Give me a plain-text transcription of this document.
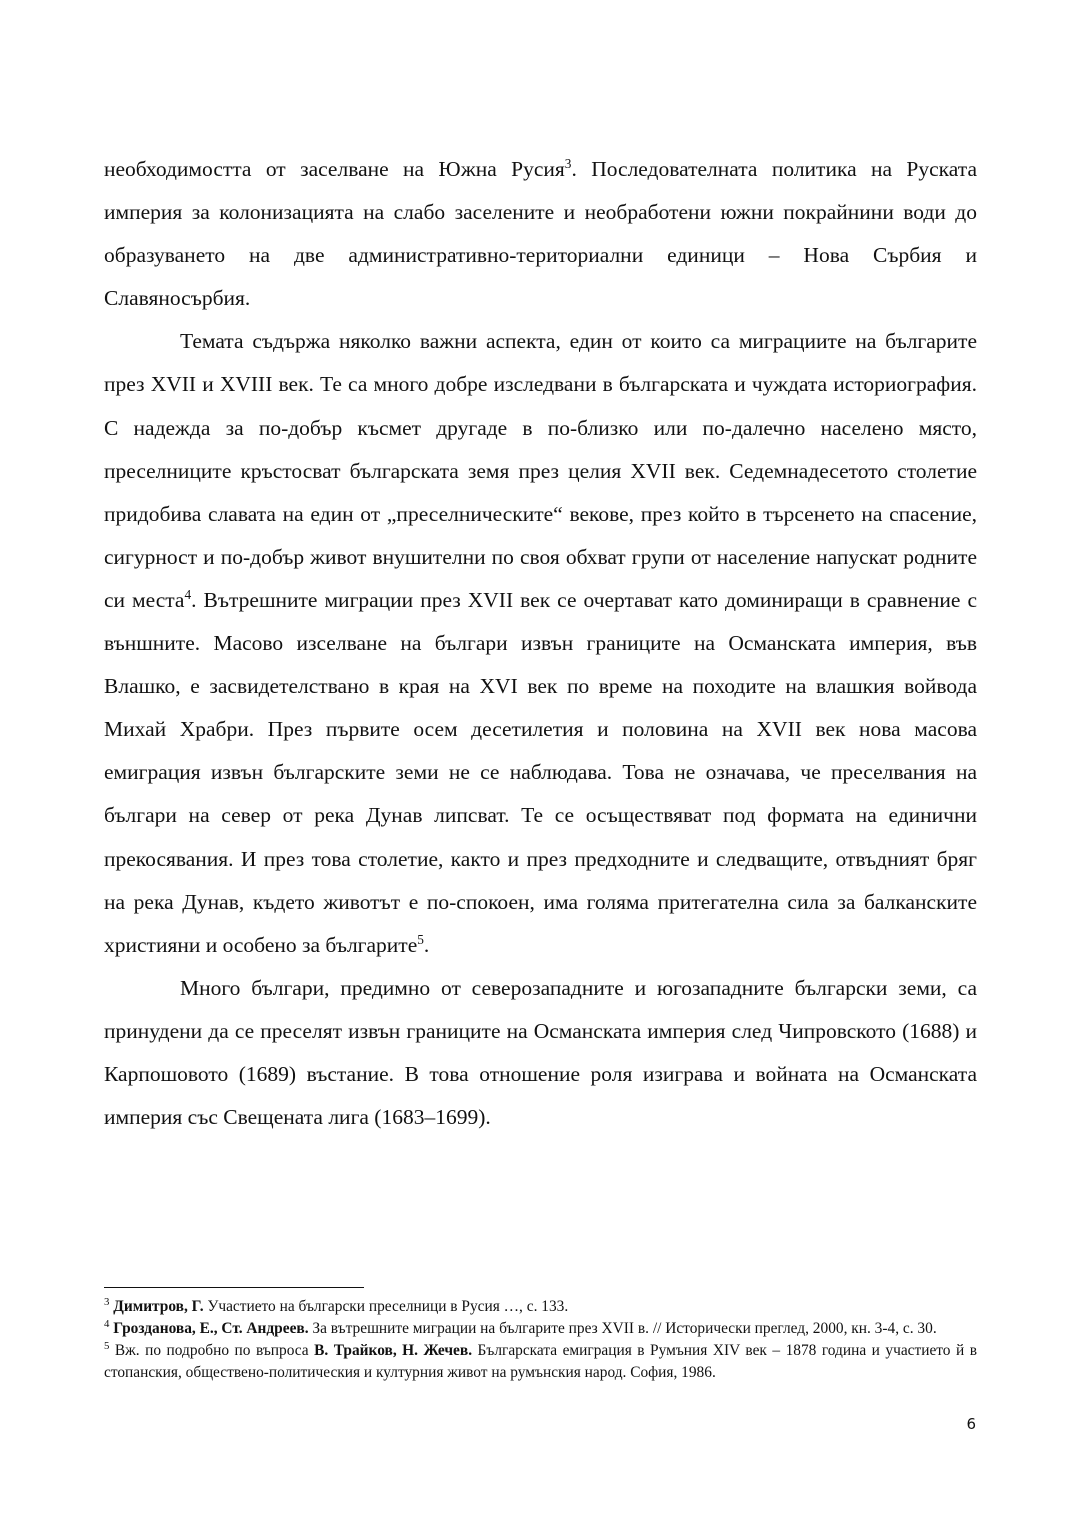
необходимостта от заселване на Южна Русия$^3$. Последователната политика на Руската империя за колонизацията на слабо заселените и необработени южни покрайнини води до образуването на две административно-териториални единици – Нова Сърбия и Славяносърбия.

Темата съдържа няколко важни аспекта, един от които са миграциите на българите през XVII и XVIII век. Те са много добре изследвани в българската и чуждата историография. С надежда за по-добър късмет другаде в по-близко или по-далечно населено място, преселниците кръстосват българската земя през целия XVII век. Седемнадесетото столетие придобива славата на един от „преселническите“ векове, през който в търсенето на спасение, сигурност и по-добър живот внушителни по своя обхват групи от население напускат родните си места$^4$. Вътрешните миграции през XVII век се очертават като доминиращи в сравнение с външните. Масово изселване на българи извън границите на Османската империя, във Влашко, е засвидетелствано в края на XVI век по време на походите на влашкия войвода Михай Храбри. През първите осем десетилетия и половина на XVII век нова масова емиграция извън българските земи не се наблюдава. Това не означава, че преселвания на българи на север от река Дунав липсват. Те се осъществяват под формата на единични прекосявания. И през това столетие, както и през предходните и следващите, отвъдният бряг на река Дунав, където животът е по-спокоен, има голяма притегателна сила за балканските християни и особено за българите$^5$.

Много българи, предимно от северозападните и югозападните български земи, са принудени да се преселят извън границите на Османската империя след Чипровското (1688) и Карпошовото (1689) въстание. В това отношение роля изиграва и войната на Османската империя със Свещената лига (1683–1699).

$^3$ Димитров, Г. Участието на български преселници в Русия …, с. 133.

$^4$ Грозданова, Е., Ст. Андреев. За вътрешните миграции на българите през XVII в. // Исторически преглед, 2000, кн. 3-4, с. 30.

$^5$ Вж. по подробно по въпроса В. Трайков, Н. Жечев. Българската емиграция в Румъния XIV век – 1878 година и участието й в стопанския, обществено-политическия и културния живот на румънския народ. София, 1986.

6
